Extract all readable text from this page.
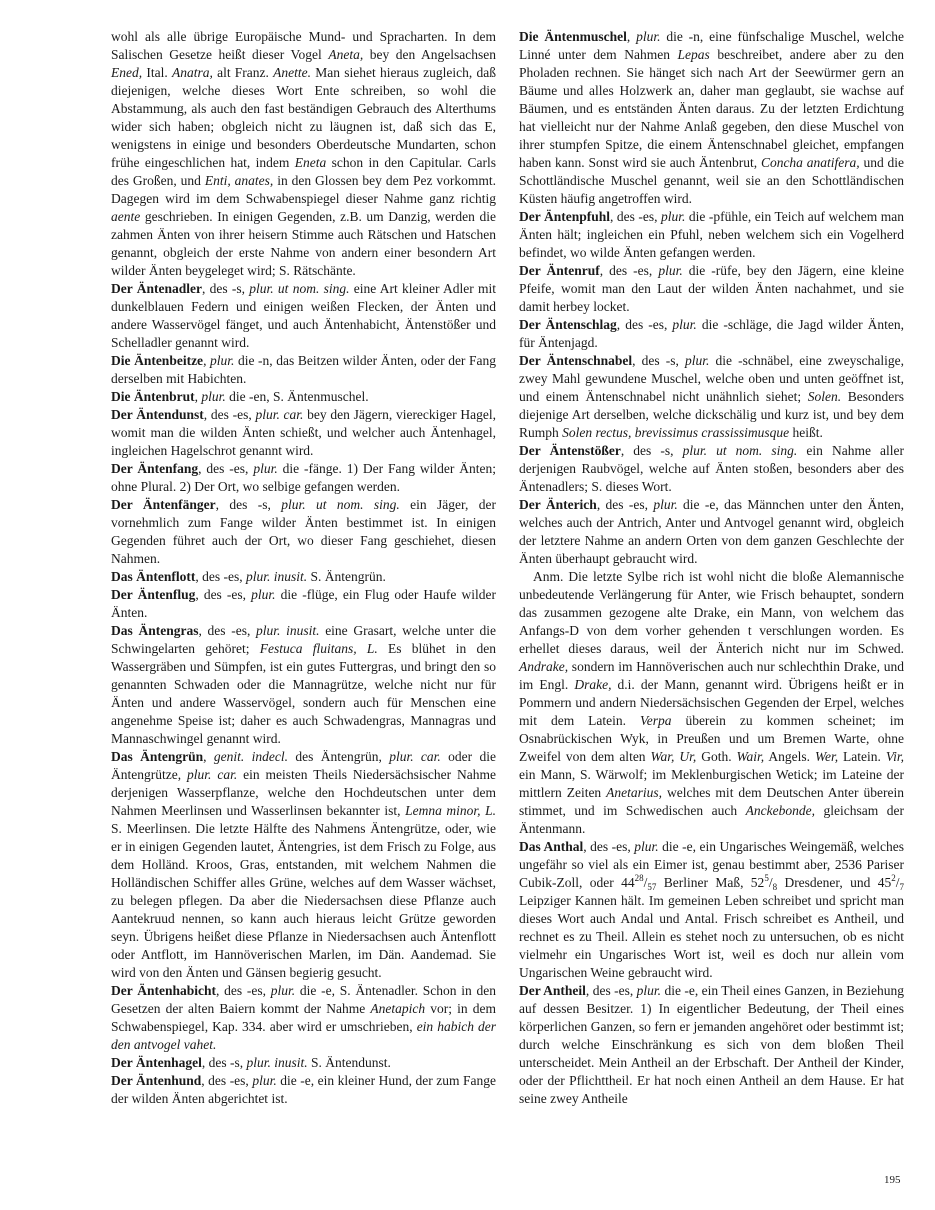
wohl als alle übrige Europäische Mund- und Spracharten. In dem Salischen Gesetze heißt dieser Vogel Aneta, bey den Angelsachsen Ened, Ital. Anatra, alt Franz. Anette. Man siehet hieraus zugleich, daß diejenigen, welche dieses Wort Ente schreiben, so wohl die Abstammung, als auch den fast beständigen Gebrauch des Alterthums wider sich haben; obgleich nicht zu läugnen ist, daß sich das E, wenigstens in einige und besonders Oberdeutsche Mundarten, schon frühe eingeschlichen hat, indem Eneta schon in den Capitular. Carls des Großen, und Enti, anates, in den Glossen bey dem Pez vorkommt. Dagegen wird im dem Schwabenspiegel dieser Nahme ganz richtig aente geschrieben. In einigen Gegenden, z.B. um Danzig, werden die zahmen Änten von ihrer heisern Stimme auch Rätschen und Hatschen genannt, obgleich der erste Nahme von andern einer besondern Art wilder Änten beygeleget wird; S. Rätschänte.

Der Äntenadler, des -s, plur. ut nom. sing. eine Art kleiner Adler mit dunkelblauen Federn und einigen weißen Flecken, der Änten und andere Wasservögel fänget, und auch Äntenhabicht, Äntenstößer und Schelladler genannt wird.

Die Äntenbeitze, plur. die -n, das Beitzen wilder Änten, oder der Fang derselben mit Habichten.

Die Äntenbrut, plur. die -en, S. Äntenmuschel.

Der Äntendunst, des -es, plur. car. bey den Jägern, viereckiger Hagel, womit man die wilden Änten schießt, und welcher auch Äntenhagel, ingleichen Hagelschrot genannt wird.

Der Äntenfang, des -es, plur. die -fänge. 1) Der Fang wilder Änten; ohne Plural. 2) Der Ort, wo selbige gefangen werden.

Der Äntenfänger, des -s, plur. ut nom. sing. ein Jäger, der vornehmlich zum Fange wilder Änten bestimmet ist. In einigen Gegenden führet auch der Ort, wo dieser Fang geschiehet, diesen Nahmen.

Das Äntenflott, des -es, plur. inusit. S. Äntengrün.

Der Äntenflug, des -es, plur. die -flüge, ein Flug oder Haufe wilder Änten.

Das Äntengras, des -es, plur. inusit. eine Grasart, welche unter die Schwingelarten gehöret; Festuca fluitans, L. Es blühet in den Wassergräben und Sümpfen, ist ein gutes Futtergras, und bringt den so genannten Schwaden oder die Mannagrütze, welche nicht nur für Änten und andere Wasservögel, sondern auch für Menschen eine angenehme Speise ist; daher es auch Schwadengras, Mannagras und Mannaschwingel genannt wird.

Das Äntengrün, genit. indecl. des Äntengrün, plur. car. oder die Äntengrütze, plur. car. ein meisten Theils Niedersächsischer Nahme derjenigen Wasserpflanze, welche den Hochdeutschen unter dem Nahmen Meerlinsen und Wasserlinsen bekannter ist, Lemna minor, L. S. Meerlinsen. Die letzte Hälfte des Nahmens Äntengrütze, oder, wie er in einigen Gegenden lautet, Äntengries, ist dem Frisch zu Folge, aus dem Holländ. Kroos, Gras, entstanden, mit welchem Nahmen die Holländischen Schiffer alles Grüne, welches auf dem Wasser wächset, zu belegen pflegen. Da aber die Niedersachsen diese Pflanze auch Aantekruud nennen, so kann auch hieraus leicht Grütze geworden seyn. Übrigens heißet diese Pflanze in Niedersachsen auch Äntenflott oder Antflott, im Hannöverischen Marlen, im Dän. Aandemad. Sie wird von den Änten und Gänsen begierig gesucht.

Der Äntenhabicht, des -es, plur. die -e, S. Äntenadler. Schon in den Gesetzen der alten Baiern kommt der Nahme Anetapich vor; in dem Schwabenspiegel, Kap. 334. aber wird er umschrieben, ein habich der den antvogel vahet.

Der Äntenhagel, des -s, plur. inusit. S. Äntendunst.

Der Äntenhund, des -es, plur. die -e, ein kleiner Hund, der zum Fange der wilden Änten abgerichtet ist.

Die Äntenmuschel, plur. die -n, eine fünfschalige Muschel, welche Linné unter dem Nahmen Lepas beschreibet, andere aber zu den Pholaden rechnen. Sie hänget sich nach Art der Seewürmer gern an Bäume und alles Holzwerk an, daher man geglaubt, sie wachse auf Bäumen, und es entständen Änten daraus. Zu der letzten Erdichtung hat vielleicht nur der Nahme Anlaß gegeben, den diese Muschel von ihrer stumpfen Spitze, die einem Äntenschnabel gleichet, empfangen haben kann. Sonst wird sie auch Äntenbrut, Concha anatifera, und die Schottländische Muschel genannt, weil sie an den Schottländischen Küsten häufig angetroffen wird.

Der Äntenpfuhl, des -es, plur. die -pfühle, ein Teich auf welchem man Änten hält; ingleichen ein Pfuhl, neben welchem sich ein Vogelherd befindet, wo wilde Änten gefangen werden.

Der Äntenruf, des -es, plur. die -rüfe, bey den Jägern, eine kleine Pfeife, womit man den Laut der wilden Änten nachahmet, und sie damit herbey locket.

Der Äntenschlag, des -es, plur. die -schläge, die Jagd wilder Änten, für Äntenjagd.

Der Äntenschnabel, des -s, plur. die -schnäbel, eine zweyschalige, zwey Mahl gewundene Muschel, welche oben und unten geöffnet ist, und einem Äntenschnabel nicht unähnlich siehet; Solen. Besonders diejenige Art derselben, welche dickschälig und kurz ist, und bey dem Rumph Solen rectus, brevissimus crassissimusque heißt.

Der Äntenstößer, des -s, plur. ut nom. sing. ein Nahme aller derjenigen Raubvögel, welche auf Änten stoßen, besonders aber des Äntenadlers; S. dieses Wort.

Der Änterich, des -es, plur. die -e, das Männchen unter den Änten, welches auch der Antrich, Anter und Antvogel genannt wird, obgleich der letztere Nahme an andern Orten von dem ganzen Geschlechte der Änten überhaupt gebraucht wird.

Anm. Die letzte Sylbe rich ist wohl nicht die bloße Alemannische unbedeutende Verlängerung für Anter, wie Frisch behauptet, sondern das zusammen gezogene alte Drake, ein Mann, von welchem das Anfangs-D von dem vorher gehenden t verschlungen worden. Es erhellet dieses daraus, weil der Änterich nicht nur im Schwed. Andrake, sondern im Hannöverischen auch nur schlechthin Drake, und im Engl. Drake, d.i. der Mann, genannt wird. Übrigens heißt er in Pommern und andern Niedersächsischen Gegenden der Erpel, welches mit dem Latein. Verpa überein zu kommen scheinet; im Osnabrückischen Wyk, in Preußen und um Bremen Warte, ohne Zweifel von dem alten War, Ur, Goth. Wair, Angels. Wer, Latein. Vir, ein Mann, S. Wärwolf; im Meklenburgischen Wetick; im Lateine der mittlern Zeiten Anetarius, welches mit dem Deutschen Anter überein stimmet, und im Schwedischen auch Anckebonde, gleichsam der Äntenmann.

Das Anthal, des -es, plur. die -e, ein Ungarisches Weingemäß, welches ungefähr so viel als ein Eimer ist, genau bestimmt aber, 2536 Pariser Cubik-Zoll, oder $44^{28}/_{57}$ Berliner Maß, $52^5/_8$ Dresdener, und $45^2/_7$ Leipziger Kannen hält. Im gemeinen Leben schreibet und spricht man dieses Wort auch Andal und Antal. Frisch schreibet es Antheil, und rechnet es zu Theil. Allein es stehet noch zu untersuchen, ob es nicht vielmehr ein Ungarisches Wort ist, weil es doch nur allein vom Ungarischen Weine gebraucht wird.

Der Antheil, des -es, plur. die -e, ein Theil eines Ganzen, in Beziehung auf dessen Besitzer. 1) In eigentlicher Bedeutung, der Theil eines körperlichen Ganzen, so fern er jemanden angehöret oder bestimmt ist; durch welche Einschränkung es sich von dem bloßen Theil unterscheidet. Mein Antheil an der Erbschaft. Der Antheil der Kinder, oder der Pflichttheil. Er hat noch einen Antheil an dem Hause. Er hat seine zwey Antheile

195
